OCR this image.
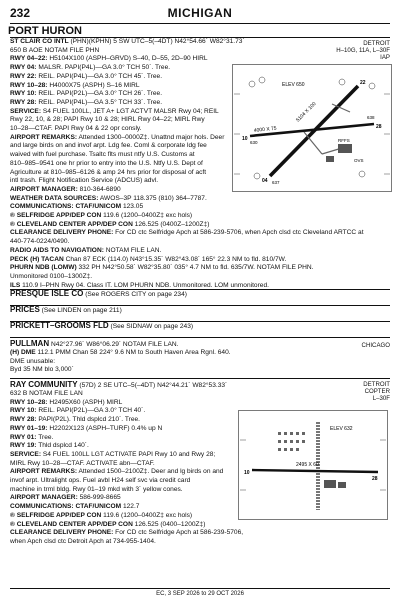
232	MICHIGAN
PORT HURON
DETROIT
H–10G, 11A, L–30F
IAP
ST CLAIR CO INTL (PHN)(KPHN) 5 SW UTC–5(–4DT) N42°54.66´ W82°31.73´
650 B AOE NOTAM FILE PHN
RWY 04–22: H5104X100 (ASPH–GRVD) S–40, D–55, 2D–90 HIRL
RWY 04: MALSR. PAPI(P4L)—GA 3.0° TCH 50´. Tree.
RWY 22: REIL. PAPI(P4L)—GA 3.0° TCH 45´. Tree.
RWY 10–28: H4000X75 (ASPH) S–16 MIRL
RWY 10: REIL. PAPI(P2L)—GA 3.0° TCH 26´. Tree.
RWY 28: REIL. PAPI(P4L)—GA 3.5° TCH 33´. Tree.
SERVICE: S4 FUEL 100LL, JET A+ LGT ACTVT MALSR Rwy 04; REIL
Rwy 22, 10, & 28; PAPI Rwy 10 & 28; HIRL Rwy 04–22; MIRL Rwy
10–28—CTAF. PAPI Rwy 04 & 22 opr consly.
AIRPORT REMARKS: Attended 1300–0000Z‡. Unattnd major hols. Deer
and large birds on and invof arpt. Ldg fee. Coml & corporate ldg fee
waived with fuel purchase. Tsaltc flts must ntfy U.S. Customs at
810–985–9541 one hr prior to entry into the U.S. Ntfy U.S. Dept of
Agriculture at 810–985–6126 & amp 24 hrs prior for disposal of acft
intl trash. Flight Notification Service (ADCUS) advl.
AIRPORT MANAGER: 810-364-6890
WEATHER DATA SOURCES: AWOS–3P 118.375 (810) 364–7787.
COMMUNICATIONS: CTAF/UNICOM 123.05
® SELFRIDGE APP/DEP CON 119.6 (1200–0400Z‡ exc hols)
® CLEVELAND CENTER APP/DEP CON 126.525 (0400Z–1200Z‡)
CLEARANCE DELIVERY PHONE: For CD ctc Selfridge Apch at 586-239-5706, when Apch clsd ctc Cleveland ARTCC at
440-774-0224/0490.
RADIO AIDS TO NAVIGATION: NOTAM FILE LAN.
PECK (H) TACAN Chan 87 ECK (114.0) N43°15.35´ W82°43.08´ 165° 22.3 NM to fld. 810/7W.
PHURN NDB (LOMW) 332 PH N42°50.58´ W82°35.80´ 035° 4.7 NM to fld. 635/7W. NOTAM FILE PHN.
Unmonitored 0100–1300Z‡.
ILS 110.9 I–PHN Rwy 04. Class IT. LOM PHURN NDB. Unmonitored. LOM unmonitored.
ELEV 650
4000 X 75
5104 X 100
630
638
637
OVS
RFFS
22
10
28
04
PRESQUE ISLE CO (See ROGERS CITY on page 234)
PRICES (See LINDEN on page 211)
PRICKETT–GROOMS FLD (See SIDNAW on page 243)
PULLMAN N42°27.96´ W86°06.29´ NOTAM FILE LAN.	CHICAGO
(H) DME 112.1 PMM Chan 58 224° 9.6 NM to South Haven Area Rgnl. 640.
DME unusable:
Byd 35 NM blo 3,000´
RAY COMMUNITY (57D) 2 SE UTC–5(–4DT) N42°44.21´ W82°53.33´	DETROIT
COPTER
L–30F
632 B NOTAM FILE LAN
RWY 10–28: H2495X60 (ASPH) MIRL
RWY 10: REIL. PAPI(P2L)—GA 3.0° TCH 40´.
RWY 28: PAPI(P2L). Thld dsplcd 210´. Tree.
RWY 01–19: H2202X123 (ASPH–TURF) 0.4% up N
RWY 01: Tree.
RWY 19: Thld dsplcd 140´.
SERVICE: S4 FUEL 100LL LGT ACTIVATE PAPI Rwy 10 and Rwy 28;
MIRL Rwy 10–28—CTAF. ACTIVATE abn—CTAF.
AIRPORT REMARKS: Attended 1500–2100Z‡. Deer and lg birds on and
invof arpt. Ultralight ops. Fuel avbl H24 self svc via credit card
machine in trml bldg. Rwy 01–19 mkd with 3´ yellow cones.
AIRPORT MANAGER: 586-999-8665
COMMUNICATIONS: CTAF/UNICOM 122.7
® SELFRIDGE APP/DEP CON 119.6 (1200–0400Z‡ exc hols)
® CLEVELAND CENTER APP/DEP CON 126.525 (0400–1200Z‡)
CLEARANCE DELIVERY PHONE: For CD ctc Selfridge Apch at 586-239-5706,
when Apch clsd ctc Detroit Apch at 734-955-1404.
2495 X 60
ELEV 632
10
28
EC, 3 SEP 2026 to 29 OCT 2026
